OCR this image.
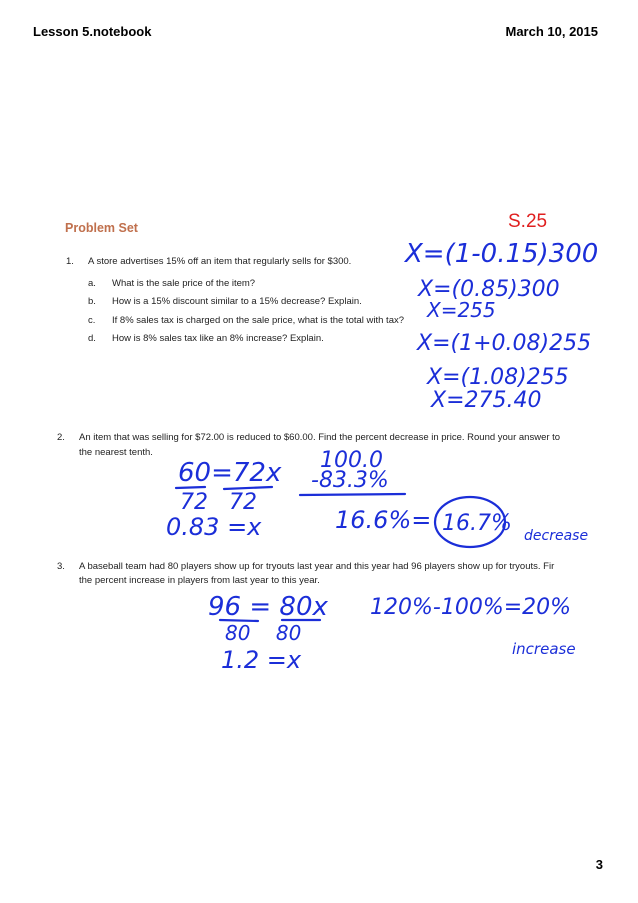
Lesson 5.notebook	March 10, 2015
Problem Set
1. A store advertises 15% off an item that regularly sells for $300.
a. What is the sale price of the item?
b. How is a 15% discount similar to a 15% decrease? Explain.
c. If 8% sales tax is charged on the sale price, what is the total with tax?
d. How is 8% sales tax like an 8% increase? Explain.
2. An item that was selling for $72.00 is reduced to $60.00. Find the percent decrease in price. Round your answer to
the nearest tenth.
3. A baseball team had 80 players show up for tryouts last year and this year had 96 players show up for tryouts. Fir
the percent increase in players from last year to this year.
S.25
X=(1-0.15)300
X=(0.85)300
X=255
X=(1+0.08)255
X=(1.08)255
X=275.40
60=72x
72   72
0.83 =x
100.0
-83.3%
16.6%= 16.7% decrease
96 = 80x
80    80
1.2 =x
120%-100%=20%
increase
3
